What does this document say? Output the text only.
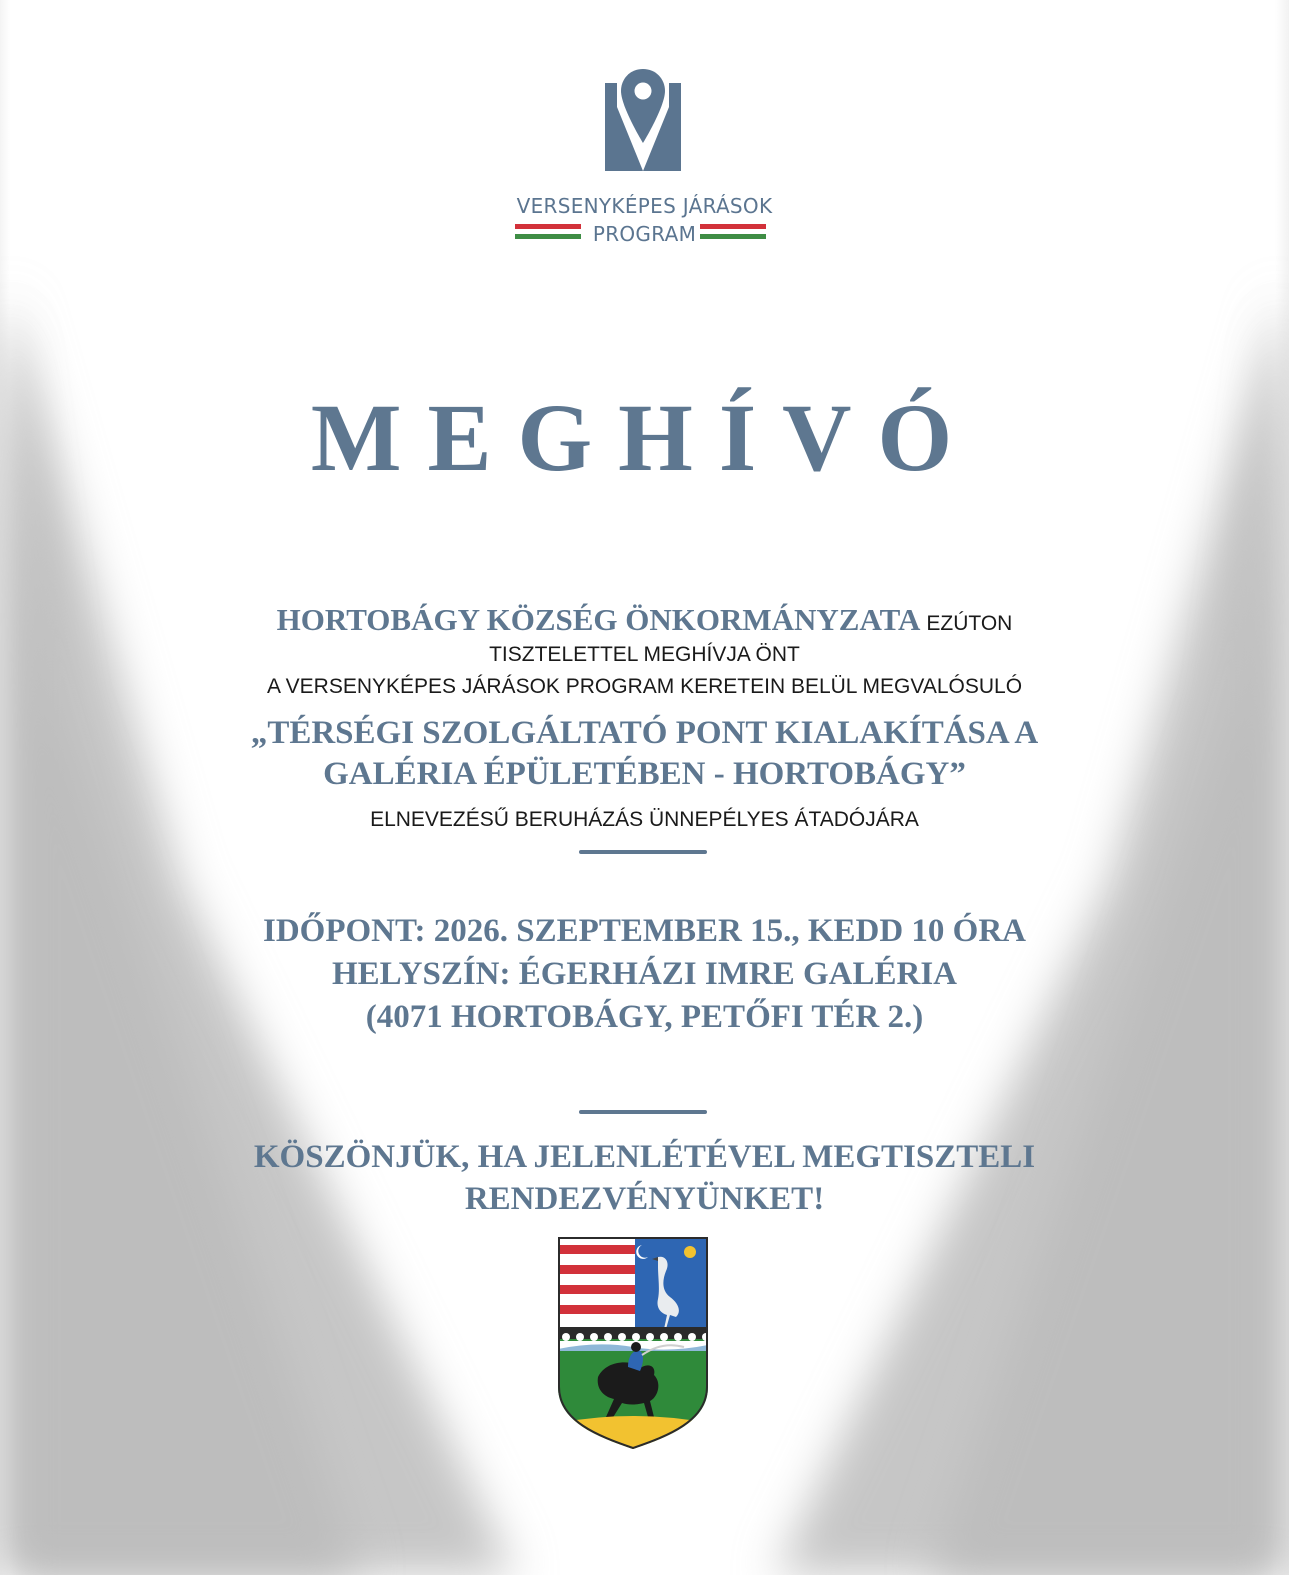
VERSENYKÉPES JÁRÁSOK
PROGRAM
MEGHÍVÓ
HORTOBÁGY KÖZSÉG ÖNKORMÁNYZATA EZÚTON
TISZTELETTEL MEGHÍVJA ÖNT
A VERSENYKÉPES JÁRÁSOK PROGRAM KERETEIN BELÜL MEGVALÓSULÓ
„TÉRSÉGI SZOLGÁLTATÓ PONT KIALAKÍTÁSA A
GALÉRIA ÉPÜLETÉBEN - HORTOBÁGY”
ELNEVEZÉSŰ BERUHÁZÁS ÜNNEPÉLYES ÁTADÓJÁRA
IDŐPONT: 2026. SZEPTEMBER 15., KEDD 10 ÓRA
HELYSZÍN: ÉGERHÁZI IMRE GALÉRIA
(4071 HORTOBÁGY, PETŐFI TÉR 2.)
KÖSZÖNJÜK, HA JELENLÉTÉVEL MEGTISZTELI
RENDEZVÉNYÜNKET!
